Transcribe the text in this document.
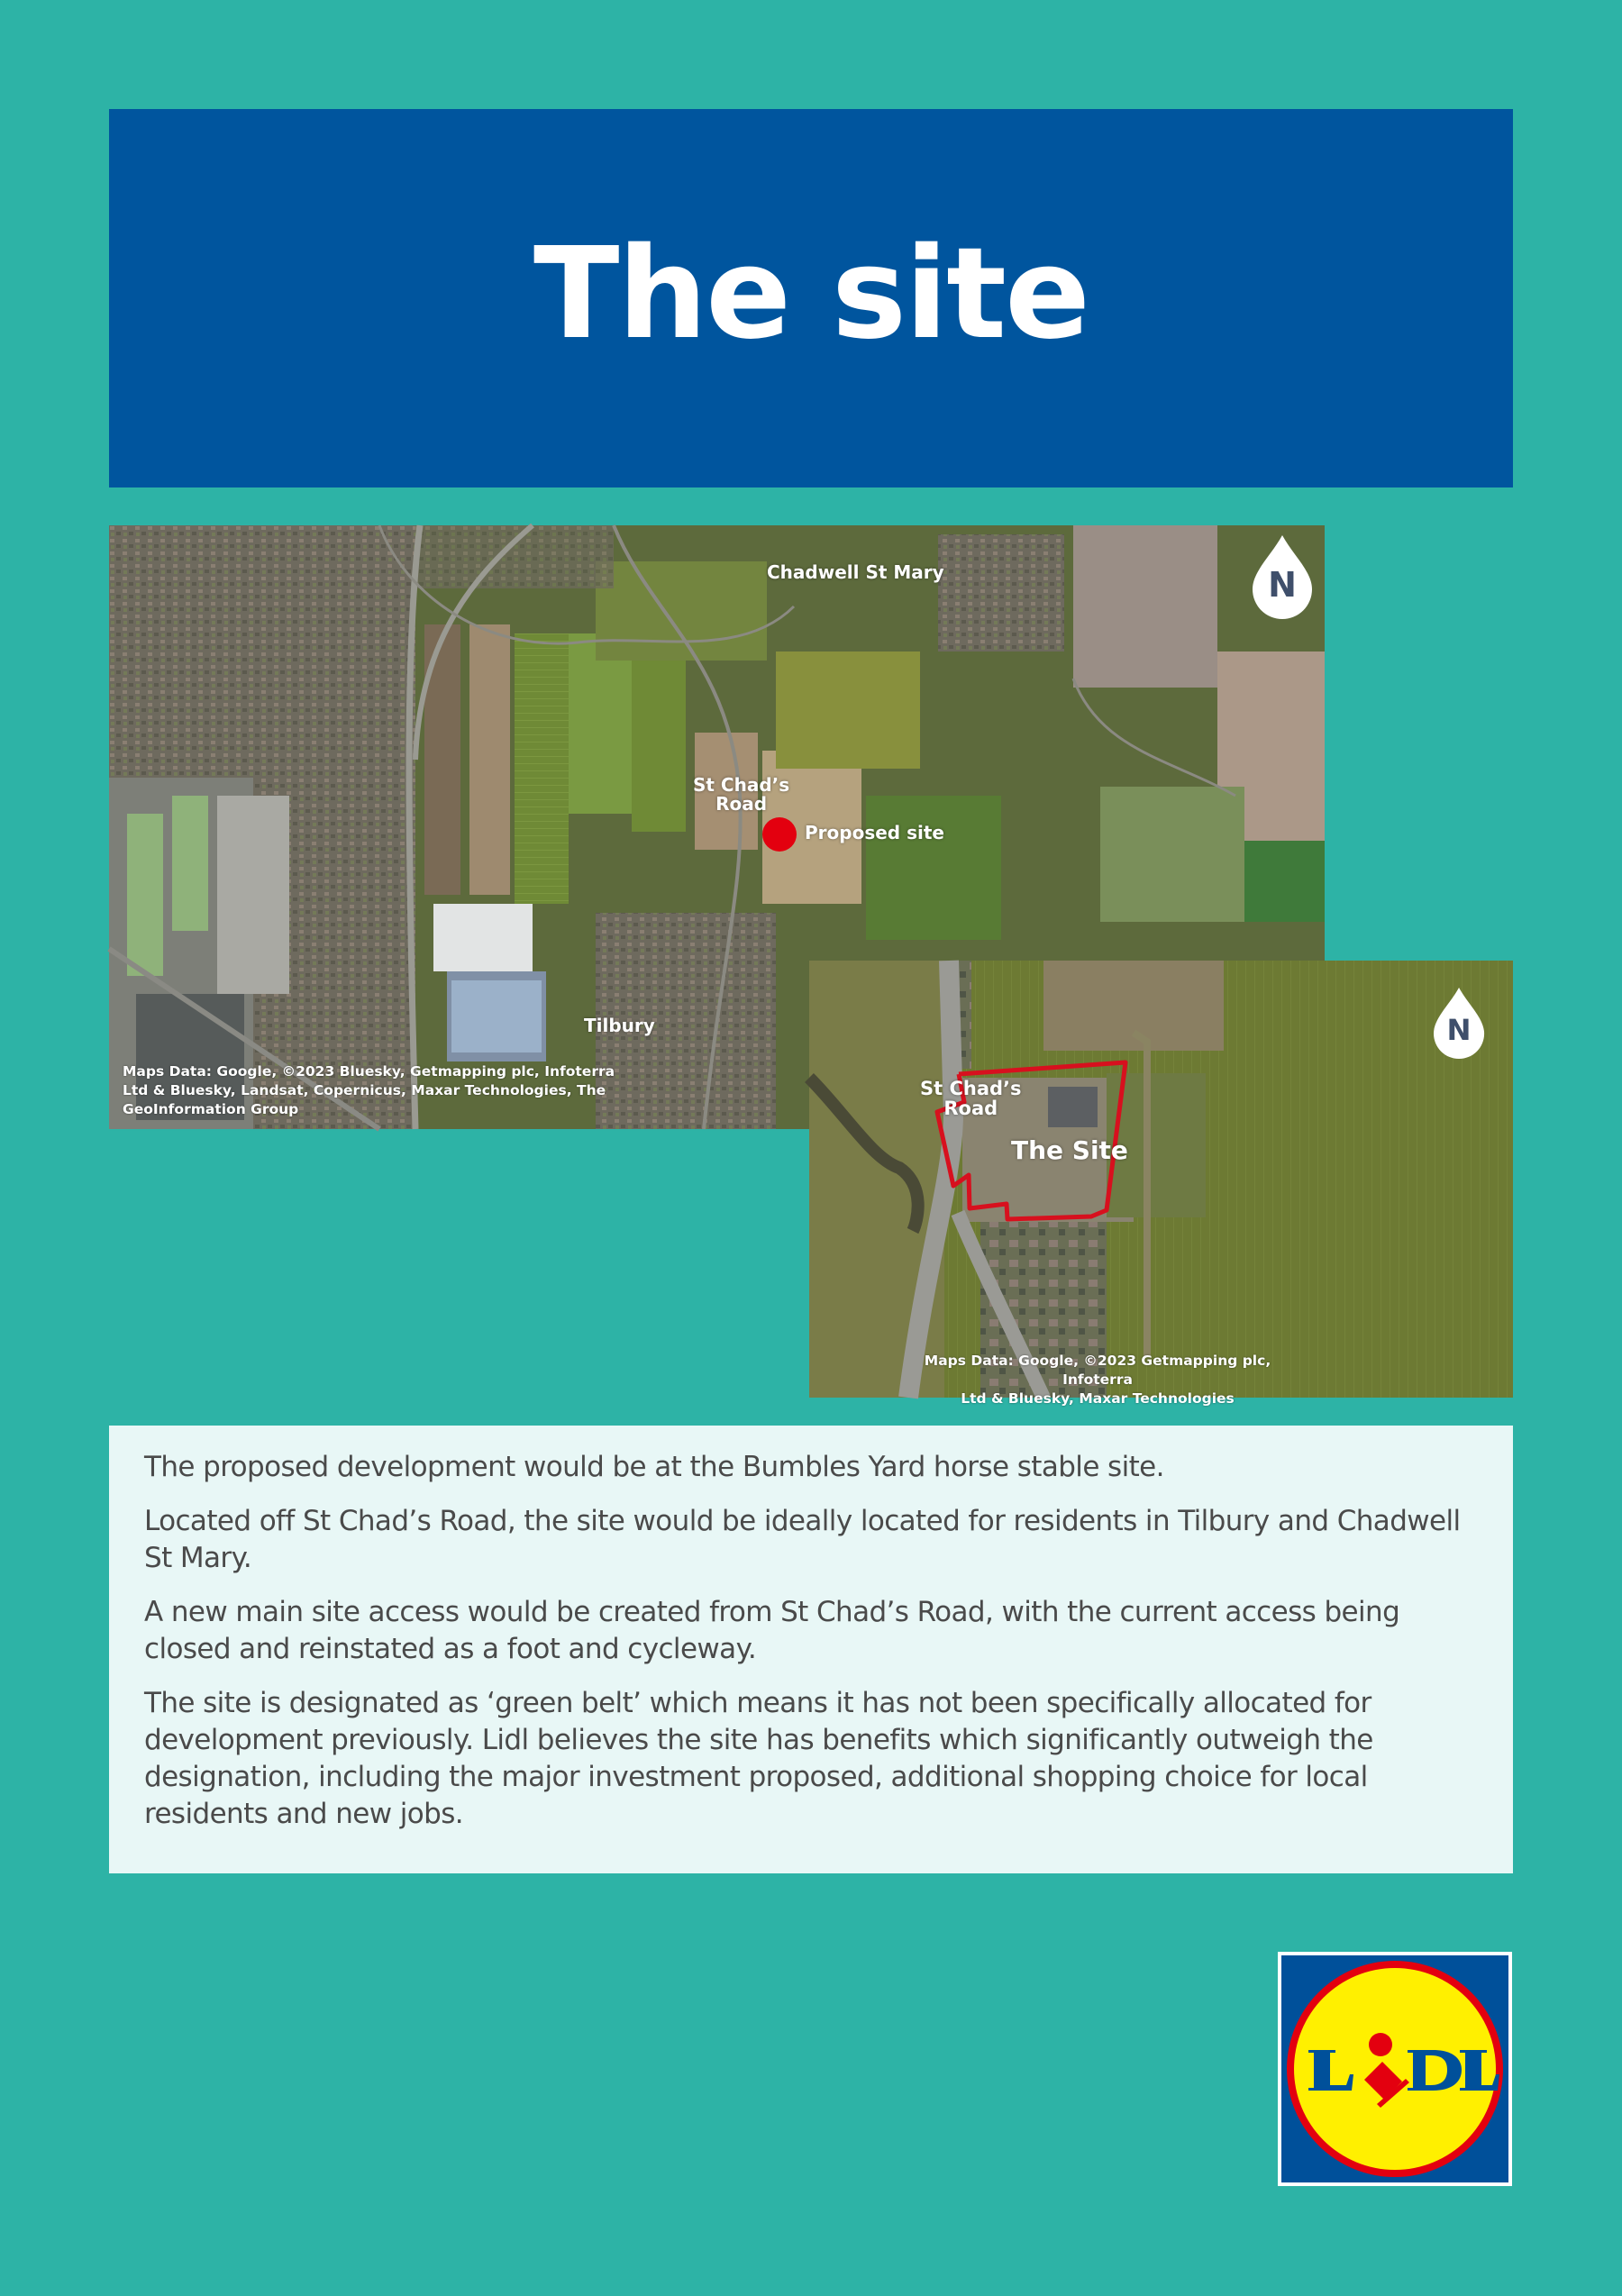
The site
Chadwell St Mary
St Chad’s
Road
Proposed site
Tilbury
N
Maps Data: Google, ©2023 Bluesky, Getmapping plc, Infoterra
Ltd & Bluesky, Landsat, Copernicus, Maxar Technologies, The
GeoInformation Group
St Chad’s
Road
The Site
N
Maps Data: Google, ©2023 Getmapping plc, Infoterra
Ltd & Bluesky, Maxar Technologies

The proposed development would be at the Bumbles Yard horse stable site.

Located off St Chad’s Road, the site would be ideally located for residents in Tilbury and Chadwell St Mary.

A new main site access would be created from St Chad’s Road, with the current access being closed and reinstated as a foot and cycleway.

The site is designated as ‘green belt’ which means it has not been specifically allocated for development previously. Lidl believes the site has benefits which significantly outweigh the designation, including the major investment proposed, additional shopping choice for local residents and new jobs.
